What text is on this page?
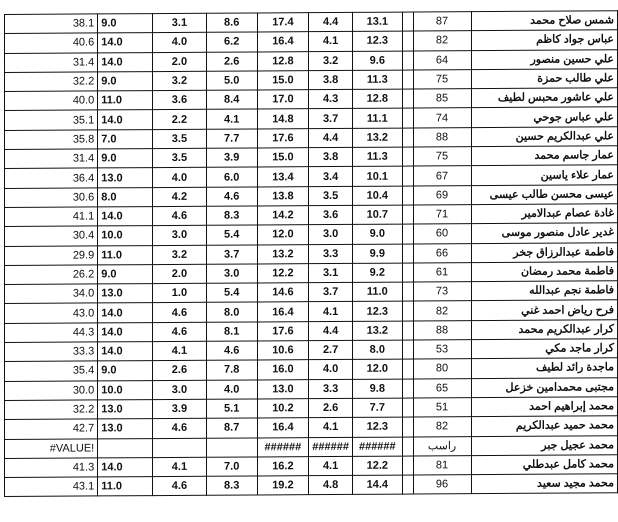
38.1	9.0	3.1	8.6	17.4	4.4	13.1		87	شمس صلاح محمد
40.6	14.0	4.0	6.2	16.4	4.1	12.3		82	عباس جواد كاظم
31.4	14.0	2.0	2.6	12.8	3.2	9.6		64	علي حسين منصور
32.2	9.0	3.2	5.0	15.0	3.8	11.3		75	علي طالب حمزة
40.0	11.0	3.6	8.4	17.0	4.3	12.8		85	علي عاشور محبس لطيف
35.1	14.0	2.2	4.1	14.8	3.7	11.1		74	علي عباس جوحي
35.8	7.0	3.5	7.7	17.6	4.4	13.2		88	علي عبدالكريم حسين
31.4	9.0	3.5	3.9	15.0	3.8	11.3		75	عمار جاسم محمد
36.4	13.0	4.0	6.0	13.4	3.4	10.1		67	عمار علاء ياسين
30.6	8.0	4.2	4.6	13.8	3.5	10.4		69	عيسى محسن طالب عيسى
41.1	14.0	4.6	8.3	14.2	3.6	10.7		71	غادة عصام عبدالامير
30.4	10.0	3.0	5.4	12.0	3.0	9.0		60	غدير عادل منصور موسى
29.9	11.0	3.2	3.7	13.2	3.3	9.9		66	فاطمة عبدالرزاق جخر
26.2	9.0	2.0	3.0	12.2	3.1	9.2		61	فاطمة محمد رمضان
34.0	13.0	1.0	5.4	14.6	3.7	11.0		73	فاطمة نجم عبدالله
43.0	14.0	4.6	8.0	16.4	4.1	12.3		82	فرح رياض احمد غني
44.3	14.0	4.6	8.1	17.6	4.4	13.2		88	كرار عبدالكريم محمد
33.3	14.0	4.1	4.6	10.6	2.7	8.0		53	كرار ماجد مكي
35.4	9.0	2.6	7.8	16.0	4.0	12.0		80	ماجدة رائد لطيف
30.0	10.0	3.0	4.0	13.0	3.3	9.8		65	مجتبى محمدامين خزعل
32.2	13.0	3.9	5.1	10.2	2.6	7.7		51	محمد إبراهيم احمد
42.7	13.0	4.6	8.7	16.4	4.1	12.3		82	محمد حميد عبدالكريم
#VALUE!				######	######	######		راسب	محمد عجيل جبر
41.3	14.0	4.1	7.0	16.2	4.1	12.2		81	محمد كامل عبدطلي
43.1	11.0	4.6	8.3	19.2	4.8	14.4		96	محمد مجيد سعيد
